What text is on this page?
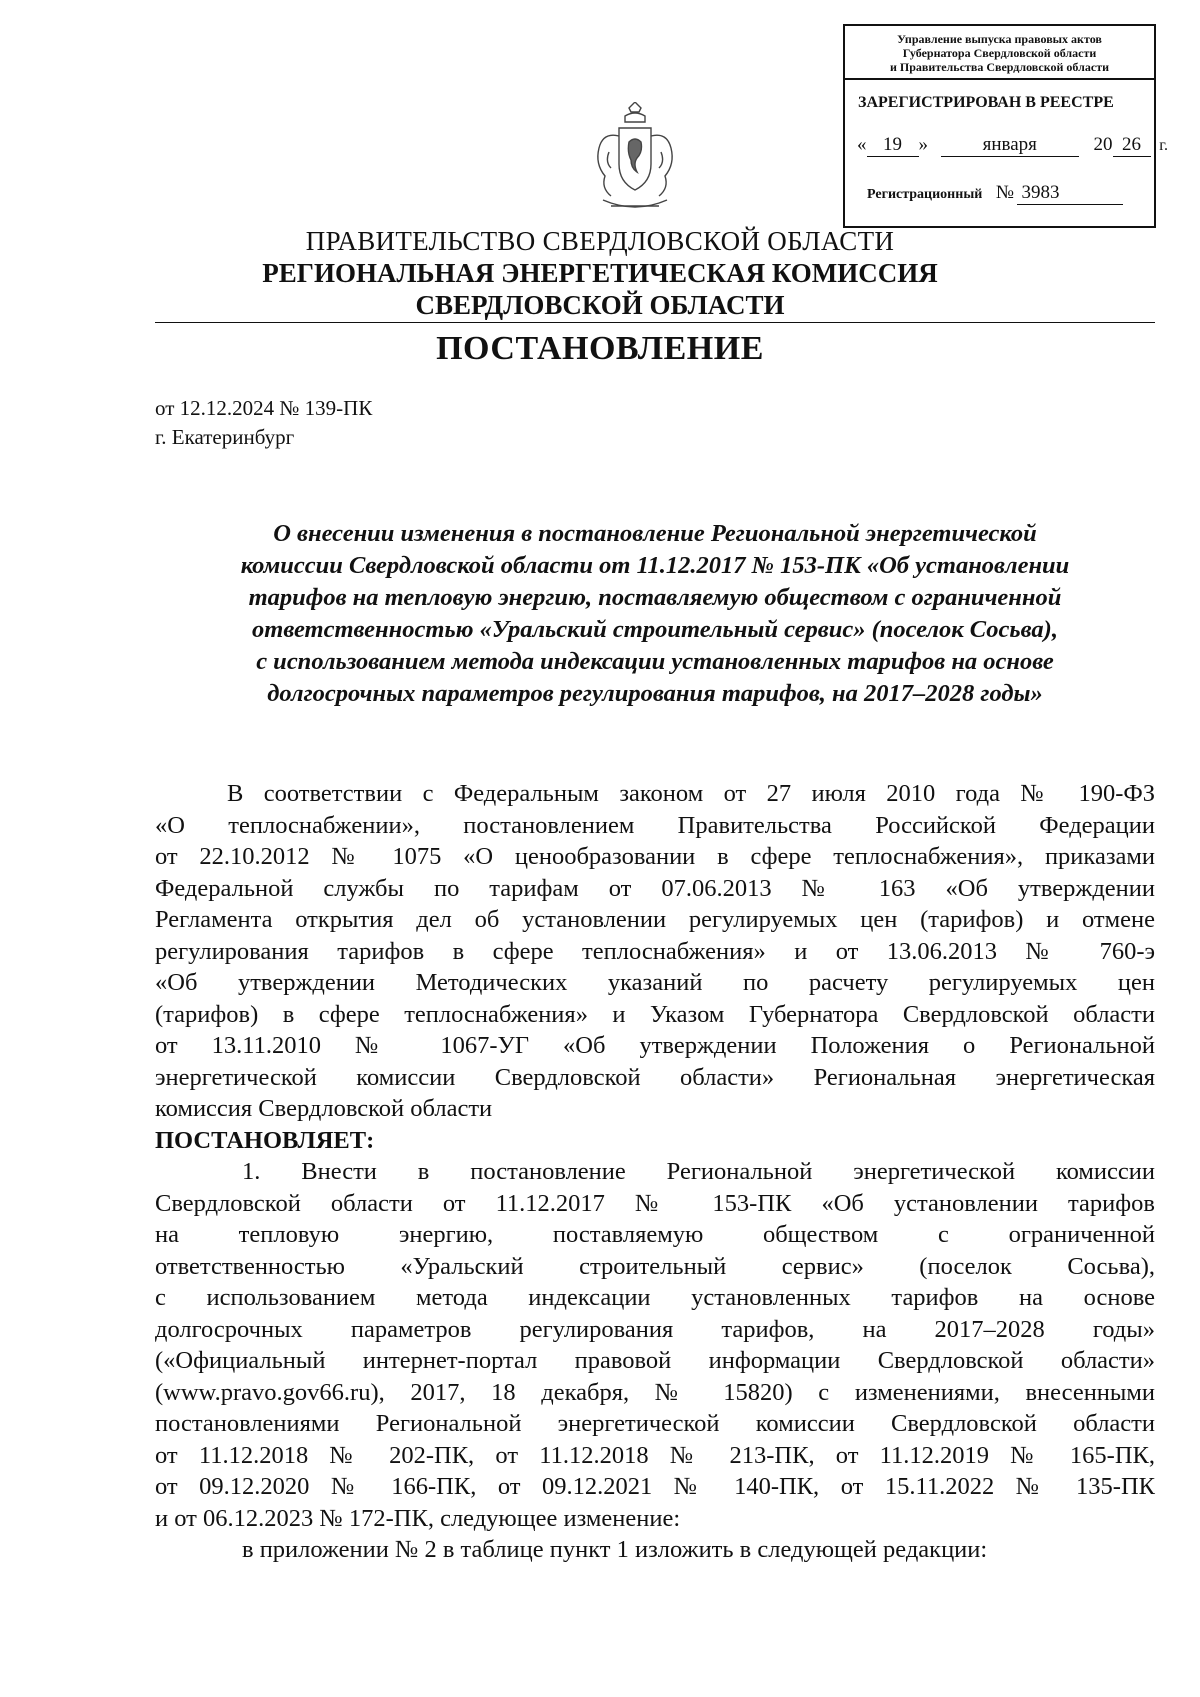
Управление выпуска правовых актов
Губернатора Свердловской области
и Правительства Свердловской области
ЗАРЕГИСТРИРОВАН В РЕЕСТРЕ
« 19 »	января	20 26 г.
Регистрационный № 3983
ПРАВИТЕЛЬСТВО СВЕРДЛОВСКОЙ ОБЛАСТИ
РЕГИОНАЛЬНАЯ ЭНЕРГЕТИЧЕСКАЯ КОМИССИЯ
СВЕРДЛОВСКОЙ ОБЛАСТИ
ПОСТАНОВЛЕНИЕ
от 12.12.2024 № 139-ПК
г. Екатеринбург
О внесении изменения в постановление Региональной энергетической
комиссии Свердловской области от 11.12.2017 № 153-ПК «Об установлении
тарифов на тепловую энергию, поставляемую обществом с ограниченной
ответственностью «Уральский строительный сервис» (поселок Сосьва),
с использованием метода индексации установленных тарифов на основе
долгосрочных параметров регулирования тарифов, на 2017–2028 годы»
В соответствии с Федеральным законом от 27 июля 2010 года № 190-ФЗ
«О теплоснабжении», постановлением Правительства Российской Федерации
от 22.10.2012 № 1075 «О ценообразовании в сфере теплоснабжения», приказами
Федеральной службы по тарифам от 07.06.2013 № 163 «Об утверждении
Регламента открытия дел об установлении регулируемых цен (тарифов) и отмене
регулирования тарифов в сфере теплоснабжения» и от 13.06.2013 № 760-э
«Об утверждении Методических указаний по расчету регулируемых цен
(тарифов) в сфере теплоснабжения» и Указом Губернатора Свердловской области
от 13.11.2010 № 1067-УГ «Об утверждении Положения о Региональной
энергетической комиссии Свердловской области» Региональная энергетическая
комиссия Свердловской области
ПОСТАНОВЛЯЕТ:
1. Внести в постановление Региональной энергетической комиссии
Свердловской области от 11.12.2017 № 153-ПК «Об установлении тарифов
на тепловую энергию, поставляемую обществом с ограниченной
ответственностью «Уральский строительный сервис» (поселок Сосьва),
с использованием метода индексации установленных тарифов на основе
долгосрочных параметров регулирования тарифов, на 2017–2028 годы»
(«Официальный интернет-портал правовой информации Свердловской области»
(www.pravo.gov66.ru), 2017, 18 декабря, № 15820) с изменениями, внесенными
постановлениями Региональной энергетической комиссии Свердловской области
от 11.12.2018 № 202-ПК, от 11.12.2018 № 213-ПК, от 11.12.2019 № 165-ПК,
от 09.12.2020 № 166-ПК, от 09.12.2021 № 140-ПК, от 15.11.2022 № 135-ПК
и от 06.12.2023 № 172-ПК, следующее изменение:
в приложении № 2 в таблице пункт 1 изложить в следующей редакции:
